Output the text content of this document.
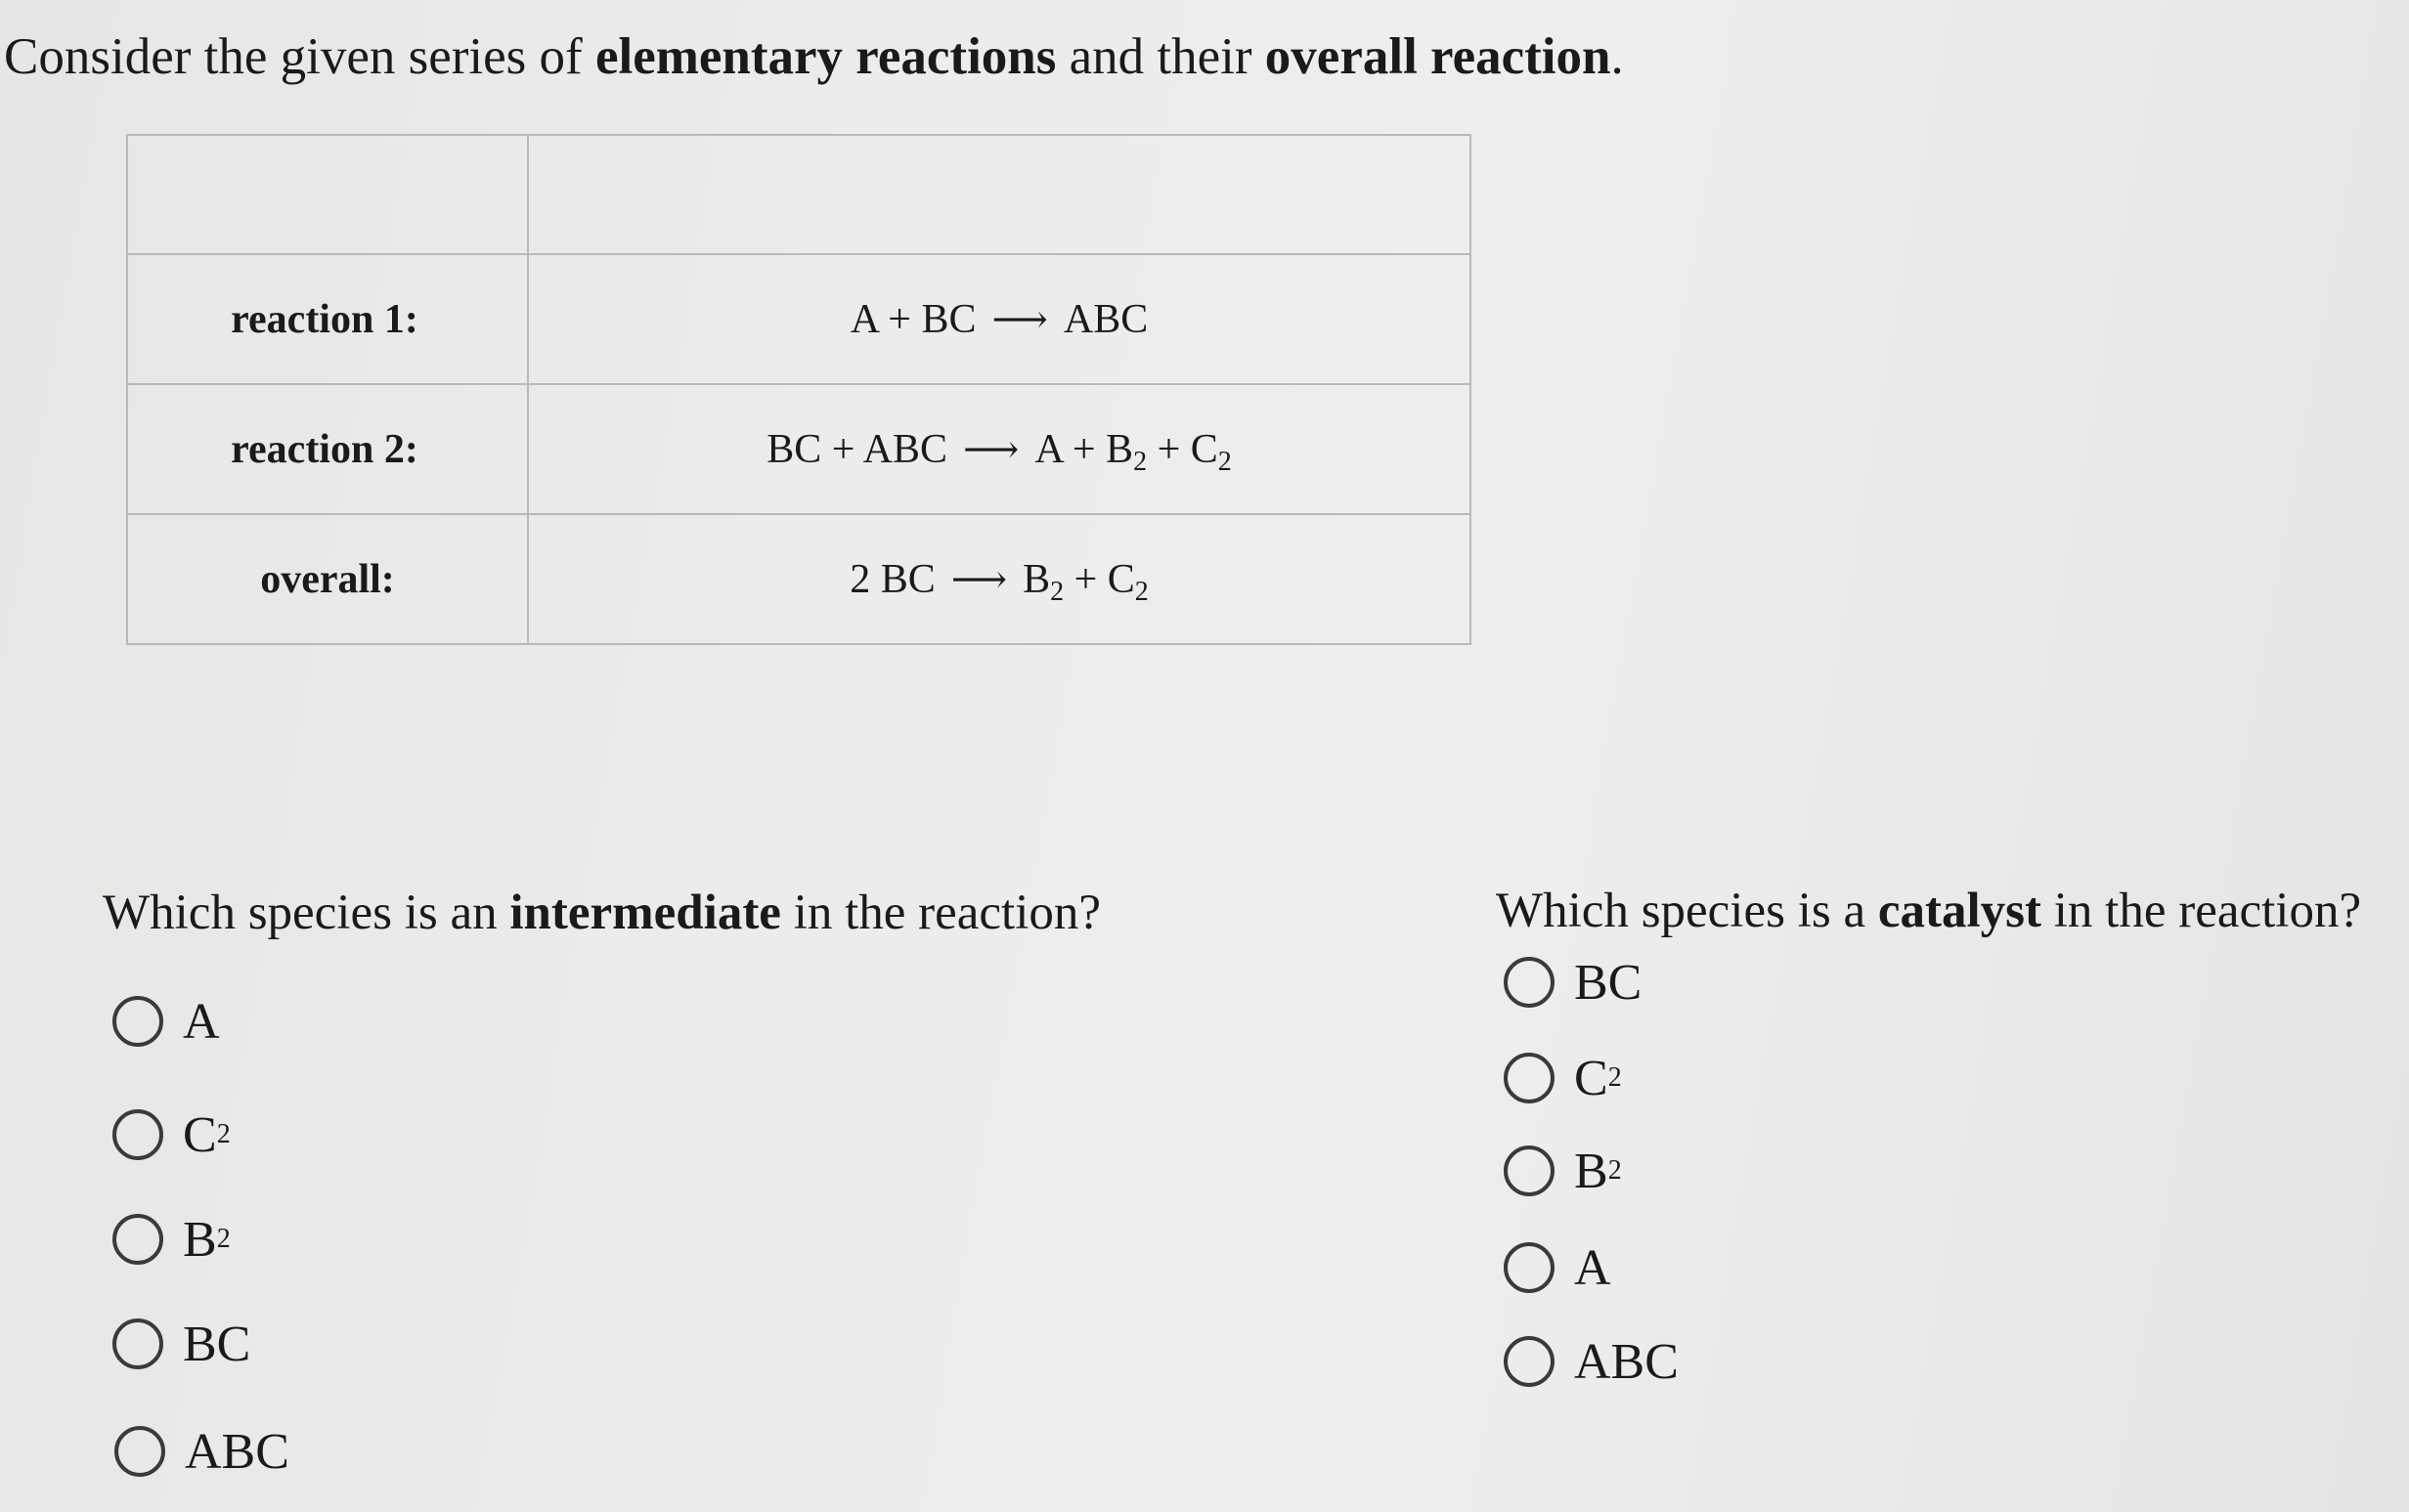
Consider the given series of elementary reactions and their overall reaction.

reaction 1:	A + BC ⟶ ABC
reaction 2:	BC + ABC ⟶ $A + B_2 + C_2$
overall:	2 BC ⟶ $B_2 + C_2$
Which species is an intermediate in the reaction?
A
C 2
B 2
BC
ABC
Which species is a catalyst in the reaction?
BC
C 2
B 2
A
ABC
